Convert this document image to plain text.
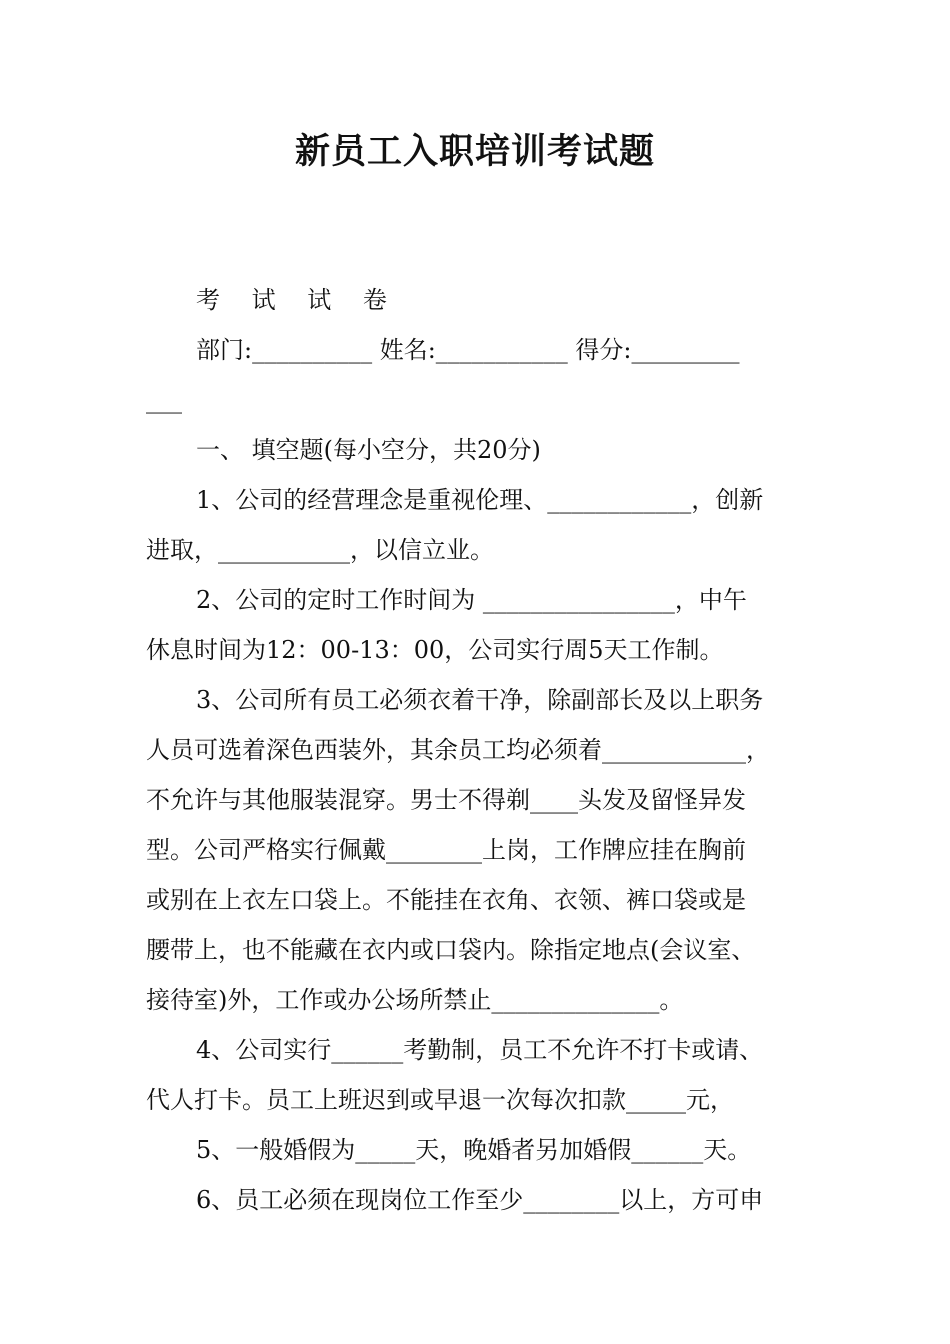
新员工入职培训考试题
考 试 试 卷
部门:__________ 姓名:___________ 得分:_________
___
一、 填空题(每小空分，共20分)
1、公司的经营理念是重视伦理、____________，创新
进取，___________，以信立业。
2、公司的定时工作时间为 ________________，中午
休息时间为12：00-13：00，公司实行周5天工作制。
3、公司所有员工必须衣着干净，除副部长及以上职务
人员可选着深色西装外，其余员工均必须着____________，
不允许与其他服装混穿。男士不得剃____头发及留怪异发
型。公司严格实行佩戴________上岗，工作牌应挂在胸前
或别在上衣左口袋上。不能挂在衣角、衣领、裤口袋或是
腰带上，也不能藏在衣内或口袋内。除指定地点(会议室、
接待室)外，工作或办公场所禁止______________。
4、公司实行______考勤制，员工不允许不打卡或请、
代人打卡。员工上班迟到或早退一次每次扣款_____元，
5、一般婚假为_____天，晚婚者另加婚假______天。
6、员工必须在现岗位工作至少________以上，方可申
